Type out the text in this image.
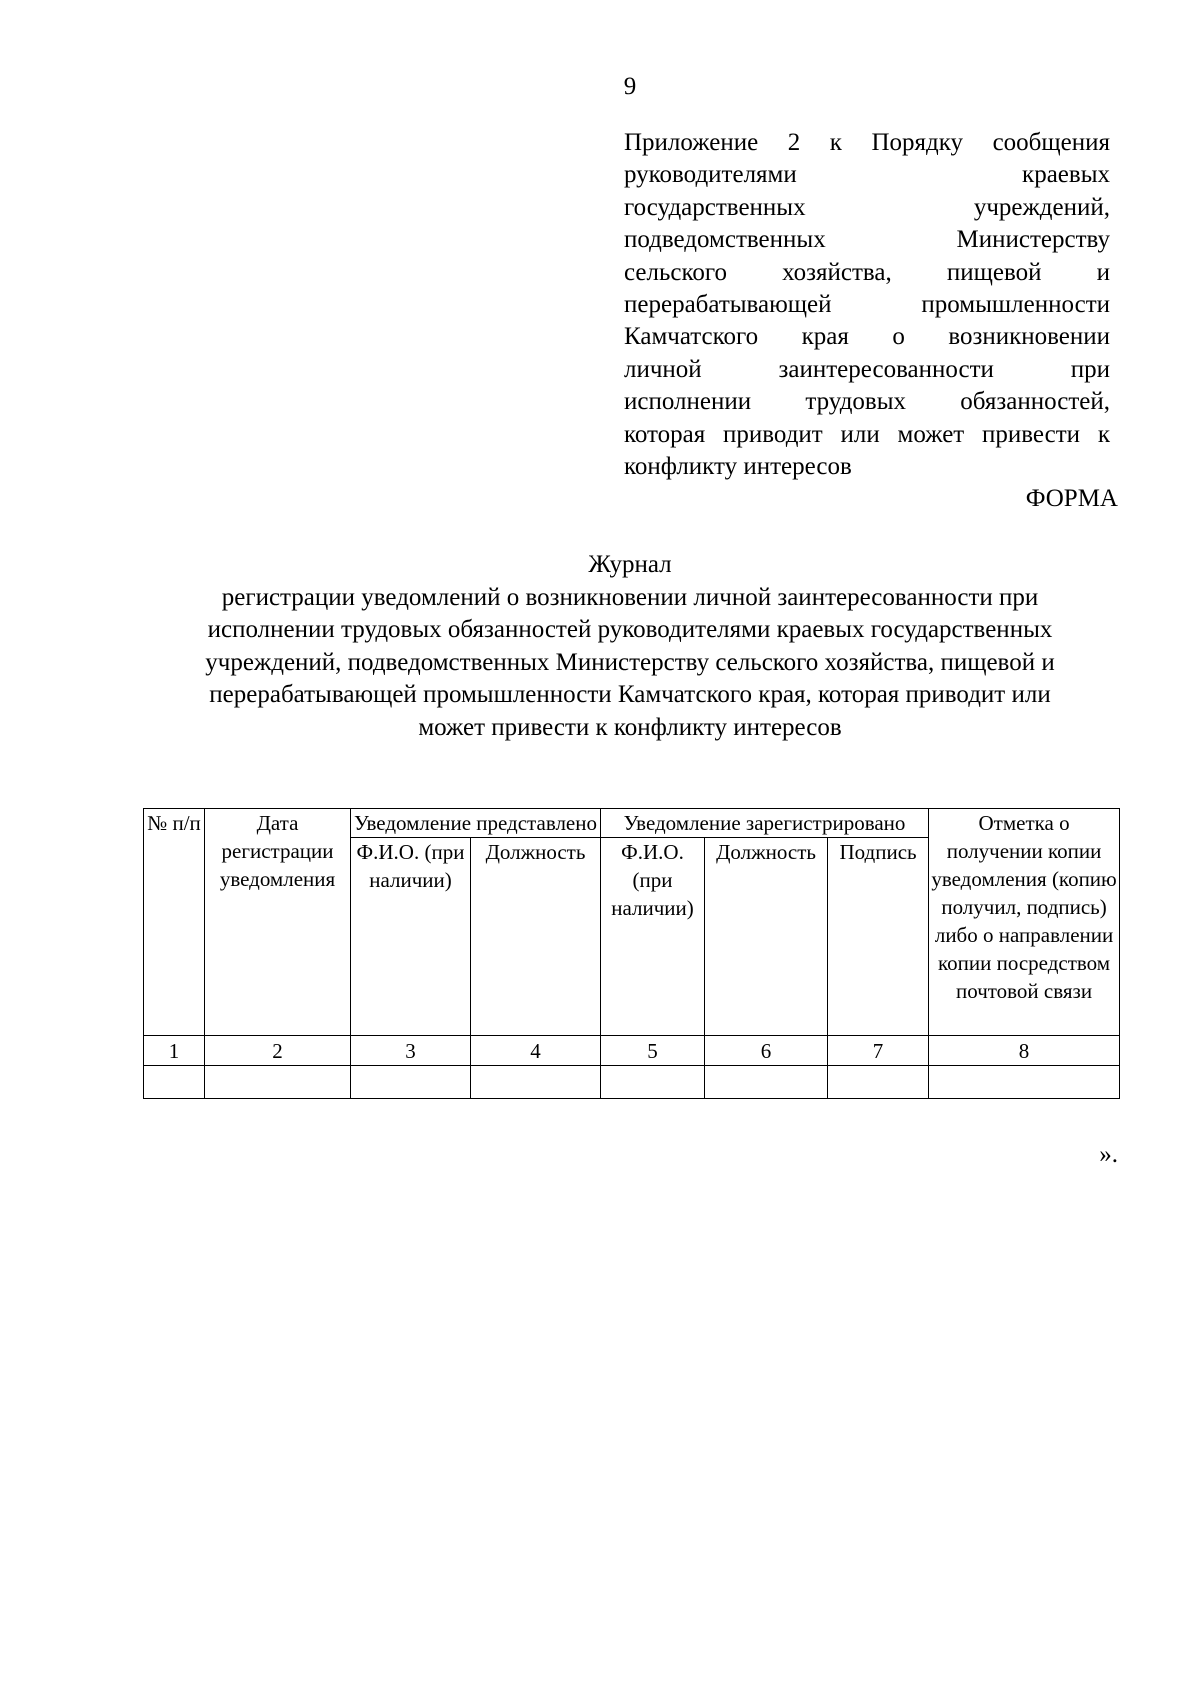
9
Приложение 2 к Порядку сообщения
руководителями краевых
государственных учреждений,
подведомственных Министерству
сельского хозяйства, пищевой и
перерабатывающей промышленности
Камчатского края о возникновении
личной заинтересованности при
исполнении трудовых обязанностей,
которая приводит или может привести к
конфликту интересов
ФОРМА
Журнал
регистрации уведомлений о возникновении личной заинтересованности при
исполнении трудовых обязанностей руководителями краевых государственных
учреждений, подведомственных Министерству сельского хозяйства, пищевой и
перерабатывающей промышленности Камчатского края, которая приводит или
может привести к конфликту интересов
№ п/п	Дата регистрации уведомления	Уведомление представлено		Уведомление зарегистрировано			Отметка о получении копии уведомления (копию получил, подпись) либо о направлении копии посредством почтовой связи
		Ф.И.О. (при наличии)	Должность	Ф.И.О. (при наличии)	Должность	Подпись	
1	2	3	4	5	6	7	8

».
